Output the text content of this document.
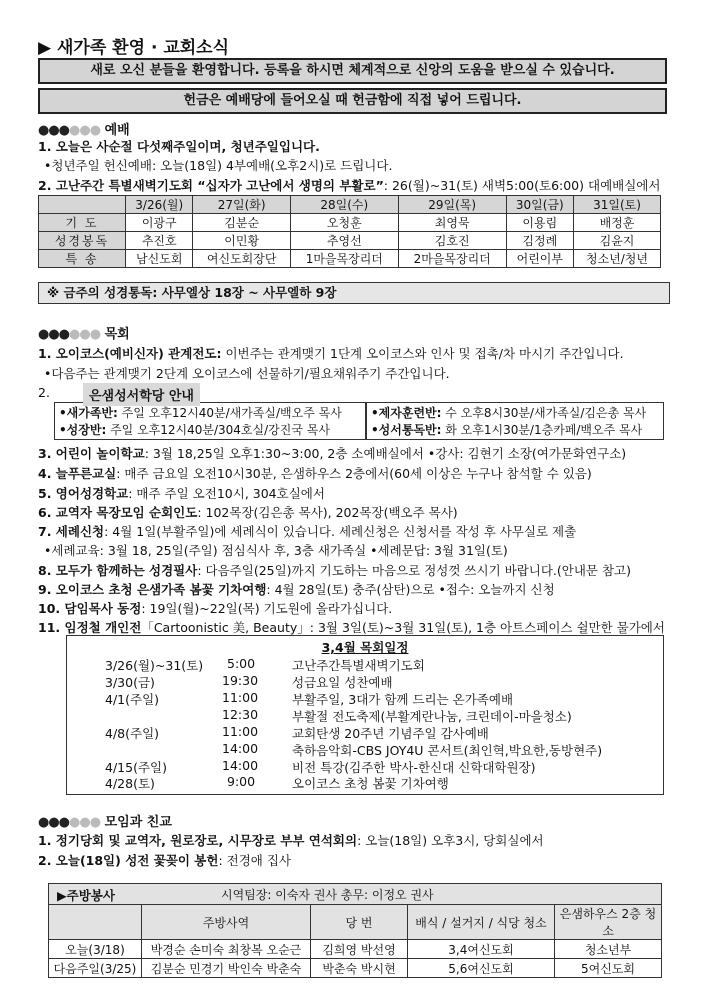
▶ 새가족 환영 · 교회소식
새로 오신 분들을 환영합니다. 등록을 하시면 체계적으로 신앙의 도움을 받으실 수 있습니다.
헌금은 예배당에 들어오실 때 헌금함에 직접 넣어 드립니다.
●●●●●● 예배
1. 오늘은 사순절 다섯째주일이며, 청년주일입니다.
•청년주일 헌신예배: 오늘(18일) 4부예배(오후2시)로 드립니다.
2. 고난주간 특별새벽기도회 “십자가 고난에서 생명의 부활로”: 26(월)~31(토) 새벽5:00(토6:00) 대예배실에서
	3/26(월)	27일(화)	28일(수)	29일(목)	30일(금)	31일(토)
기 도	이광구	김분순	오청훈	최영묵	이용림	배정훈
성경봉독	추진호	이민황	추영선	김호진	김정례	김윤지
특 송	남신도회	여신도회장단	1마을목장리더	2마을목장리더	어린이부	청소년/청년
※ 금주의 성경통독: 사무엘상 18장 ~ 사무엘하 9장
●●●●●● 목회
1. 오이코스(예비신자) 관계전도: 이번주는 관계맺기 1단계 오이코스와 인사 및 접촉/차 마시기 주간입니다.
•다음주는 관계맺기 2단계 오이코스에 선물하기/필요채워주기 주간입니다.
2.	은샘성서학당 안내
•새가족반: 주일 오후12시40분/새가족실/백오주 목사 •제자훈련반: 수 오후8시30분/새가족실/김은총 목사
•성장반: 주일 오후12시40분/304호실/강진국 목사	•성서통독반: 화 오후1시30분/1층카페/백오주 목사
3. 어린이 놀이학교: 3월 18,25일 오후1:30~3:00, 2층 소예배실에서 •강사: 김현기 소장(여가문화연구소)
4. 늘푸른교실: 매주 금요일 오전10시30분, 은샘하우스 2층에서(60세 이상은 누구나 참석할 수 있음)
5. 영어성경학교: 매주 주일 오전10시, 304호실에서
6. 교역자 목장모임 순회인도: 102목장(김은총 목사), 202목장(백오주 목사)
7. 세례신청: 4월 1일(부활주일)에 세례식이 있습니다. 세례신청은 신청서를 작성 후 사무실로 제출
•세례교육: 3월 18, 25일(주일) 점심식사 후, 3층 새가족실 •세례문답: 3월 31일(토)
8. 모두가 함께하는 성경필사: 다음주일(25일)까지 기도하는 마음으로 정성껏 쓰시기 바랍니다.(안내문 참고)
9. 오이코스 초청 은샘가족 봄꽃 기차여행: 4월 28일(토) 충주(삼탄)으로 •접수: 오늘까지 신청
10. 담임목사 동정: 19일(월)~22일(목) 기도원에 올라가십니다.
11. 임정철 개인전「Cartoonistic 美, Beauty」: 3월 3일(토)~3월 31일(토), 1층 아트스페이스 쉴만한 물가에서
3,4월 목회일정
3/26(월)~31(토) 5:00	고난주간특별새벽기도회
3/30(금)	19:30	성금요일 성찬예배
4/1(주일)	11:00	부활주일, 3대가 함께 드리는 온가족예배
12:30	부활절 전도축제(부활계란나눔, 크린데이-마을청소)
4/8(주일)	11:00	교회탄생 20주년 기념주일 감사예배
14:00	축하음악회-CBS JOY4U 콘서트(최인혁,박요한,동방현주)
4/15(주일)	14:00	비전 특강(김주한 박사-한신대 신학대학원장)
4/28(토)	9:00	오이코스 초청 봄꽃 기차여행
●●●●●● 모임과 친교
1. 정기당회 및 교역자, 원로장로, 시무장로 부부 연석회의: 오늘(18일) 오후3시, 당회실에서
2. 오늘(18일) 성전 꽃꽂이 봉헌: 전경애 집사
▶주방봉사 시역팀장: 이숙자 권사 총무: 이정오 권사				

	주방사역	당 번	배식 / 설거지 / 식당 청소	은샘하우스 2층 청소
오늘(3/18)	박경순 손미숙 최창복 오순근	김희영 박선영	3,4여신도회	청소년부
다음주일(3/25)	김분순 민경기 박인숙 박춘숙	박춘숙 박시현	5,6여신도회	5여신도회
